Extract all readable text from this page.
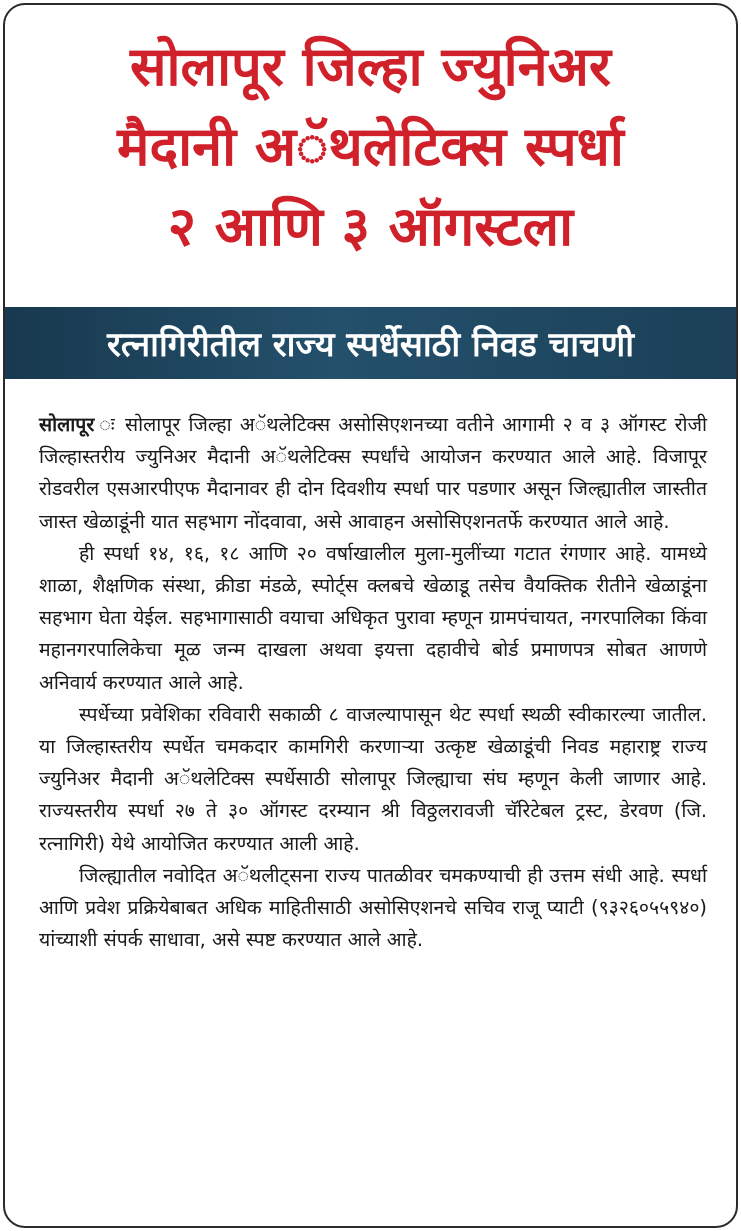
सोलापूर जिल्हा ज्युनिअर
मैदानी अॅथलेटिक्स स्पर्धा
२ आणि ३ ऑगस्टला
रत्नागिरीतील राज्य स्पर्धेसाठी निवड चाचणी

सोलापूर ः सोलापूर जिल्हा अॅथलेटिक्स असोसिएशनच्या वतीने आगामी २ व ३ ऑगस्ट रोजी जिल्हास्तरीय ज्युनिअर मैदानी अॅथलेटिक्स स्पर्धांचे आयोजन करण्यात आले आहे. विजापूर रोडवरील एसआरपीएफ मैदानावर ही दोन दिवशीय स्पर्धा पार पडणार असून जिल्ह्यातील जास्तीत जास्त खेळाडूंनी यात सहभाग नोंदवावा, असे आवाहन असोसिएशनतर्फे करण्यात आले आहे.

ही स्पर्धा १४, १६, १८ आणि २० वर्षाखालील मुला-मुलींच्या गटात रंगणार आहे. यामध्ये शाळा, शैक्षणिक संस्था, क्रीडा मंडळे, स्पोर्ट्स क्लबचे खेळाडू तसेच वैयक्तिक रीतीने खेळाडूंना सहभाग घेता येईल. सहभागासाठी वयाचा अधिकृत पुरावा म्हणून ग्रामपंचायत, नगरपालिका किंवा महानगरपालिकेचा मूळ जन्म दाखला अथवा इयत्ता दहावीचे बोर्ड प्रमाणपत्र सोबत आणणे अनिवार्य करण्यात आले आहे.

स्पर्धेच्या प्रवेशिका रविवारी सकाळी ८ वाजल्यापासून थेट स्पर्धा स्थळी स्वीकारल्या जातील. या जिल्हास्तरीय स्पर्धेत चमकदार कामगिरी करणाऱ्या उत्कृष्ट खेळाडूंची निवड महाराष्ट्र राज्य ज्युनिअर मैदानी अॅथलेटिक्स स्पर्धेसाठी सोलापूर जिल्ह्याचा संघ म्हणून केली जाणार आहे. राज्यस्तरीय स्पर्धा २७ ते ३० ऑगस्ट दरम्यान श्री विठ्ठलरावजी चॅरिटेबल ट्रस्ट, डेरवण (जि. रत्नागिरी) येथे आयोजित करण्यात आली आहे.

जिल्ह्यातील नवोदित अॅथलीट्सना राज्य पातळीवर चमकण्याची ही उत्तम संधी आहे. स्पर्धा आणि प्रवेश प्रक्रियेबाबत अधिक माहितीसाठी असोसिएशनचे सचिव राजू प्याटी (९३२६०५५९४०) यांच्याशी संपर्क साधावा, असे स्पष्ट करण्यात आले आहे.
